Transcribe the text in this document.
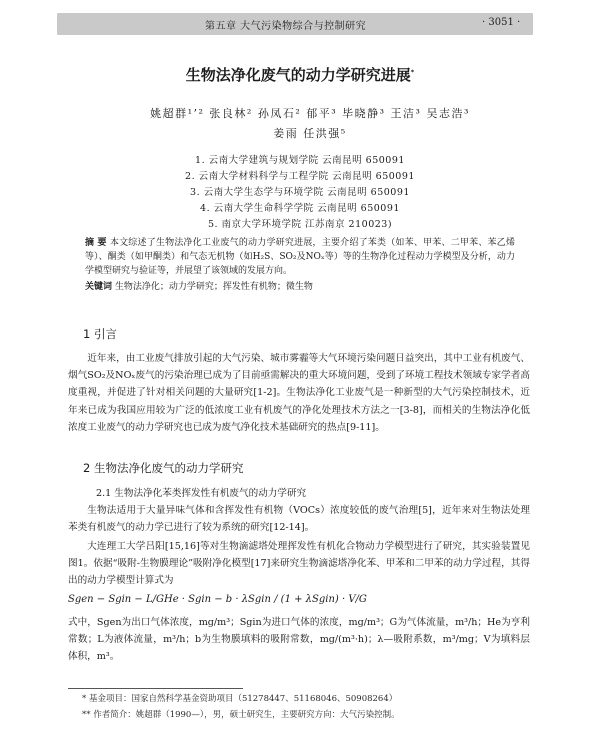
第五章 大气污染物综合与控制研究	· 3051 ·
生物法净化废气的动力学研究进展*
姚超群¹’² 张良林² 孙凤石² 郁平³ 毕晓静³ 王洁³ 吴志浩³
姜雨 任洪强⁵
1. 云南大学建筑与规划学院 云南昆明 650091
2. 云南大学材料科学与工程学院 云南昆明 650091
3. 云南大学生态学与环境学院 云南昆明 650091
4. 云南大学生命科学学院 云南昆明 650091
5. 南京大学环境学院 江苏南京 210023)
摘 要 本文综述了生物法净化工业废气的动力学研究进展，主要介绍了苯类（如苯、甲苯、二甲苯、苯乙烯等）、酮类（如甲酮类）和气态无机物（如H₂S、SO₂及NOₓ等）等的生物净化过程动力学模型及分析，动力学模型研究与验证等，并展望了该领域的发展方向。
关键词 生物法净化；动力学研究；挥发性有机物；微生物
1 引言
近年来，由工业废气排放引起的大气污染、城市雾霾等大气环境污染问题日益突出，其中工业有机废气、烟气SO₂及NOₓ废气的污染治理已成为了目前亟需解决的重大环境问题，受到了环境工程技术领域专家学者高度重视，并促进了针对相关问题的大量研究[1-2]。生物法净化工业废气是一种新型的大气污染控制技术，近年来已成为我国应用较为广泛的低浓度工业有机废气的净化处理技术方法之一[3-8]，而相关的生物法净化低浓度工业废气的动力学研究也已成为废气净化技术基础研究的热点[9-11]。
2 生物法净化废气的动力学研究
2.1 生物法净化苯类挥发性有机废气的动力学研究
生物法适用于大量异味气体和含挥发性有机物（VOCs）浓度较低的废气治理[5]，近年来对生物法处理苯类有机废气的动力学已进行了较为系统的研究[12-14]。
大连理工大学吕阳[15,16]等对生物滴滤塔处理挥发性有机化合物动力学模型进行了研究，其实验装置见图1。依据“吸附-生物膜理论”吸附净化模型[17]来研究生物滴滤塔净化苯、甲苯和二甲苯的动力学过程，其得出的动力学模型计算式为
Sgen − Sgin − L/GHe · Sgin − b · λSgin / (1 + λSgin) · V/G
式中，Sgen为出口气体浓度，mg/m³；Sgin为进口气体的浓度，mg/m³；G为气体流量，m³/h；He为亨利常数；L为液体流量，m³/h；b为生物膜填料的吸附常数，mg/(m³·h)；λ—吸附系数，m³/mg；V为填料层体积，m³。
* 基金项目：国家自然科学基金资助项目（51278447、51168046、50908264）
** 作者简介：姚超群（1990—），男，硕士研究生，主要研究方向：大气污染控制。
